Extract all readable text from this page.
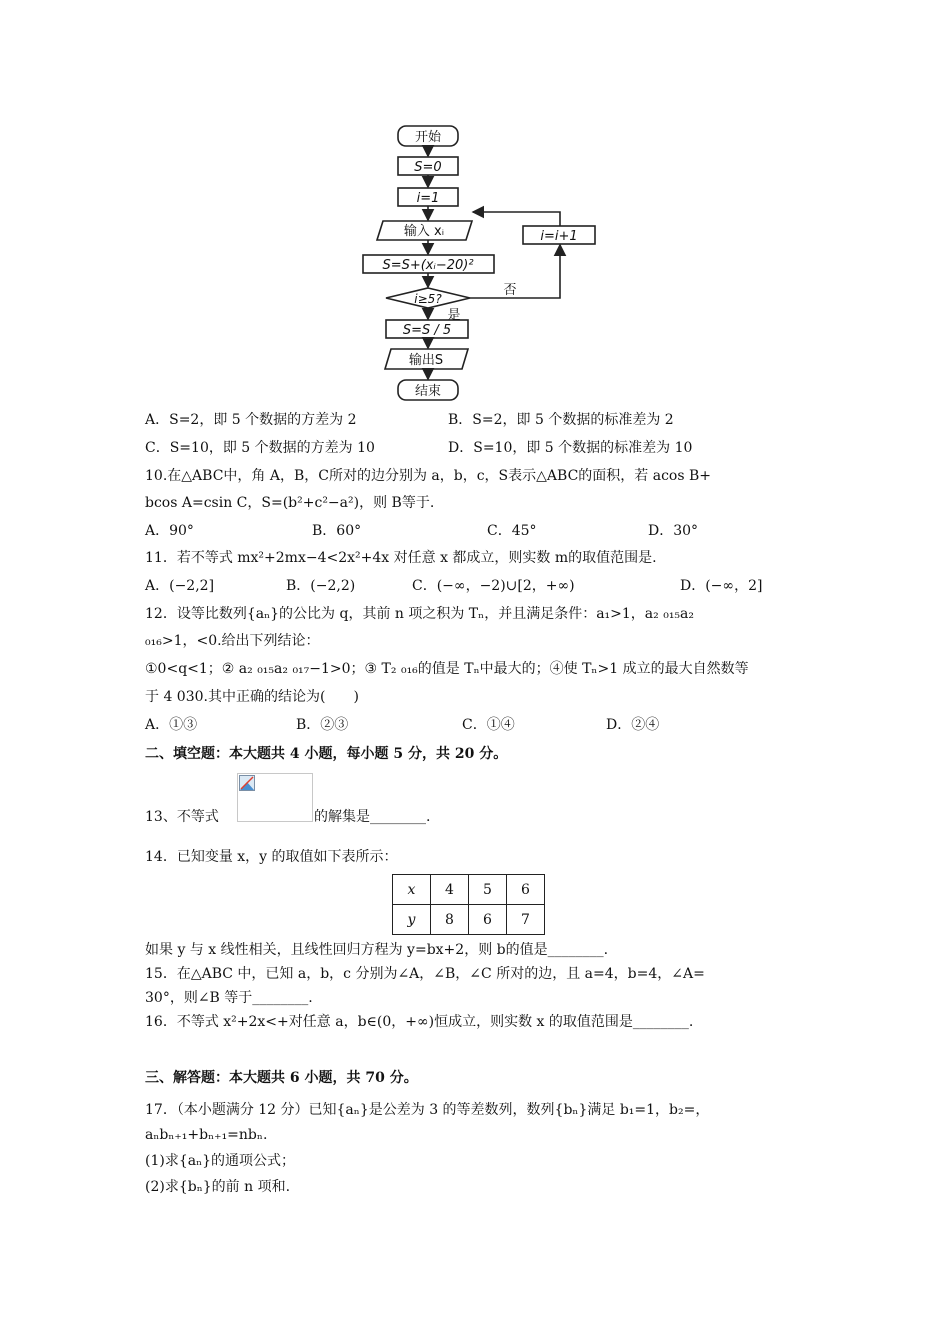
开始
S=0
i=1
输入 xᵢ
S=S+(xᵢ−20)²
i≥5?
否
是
i=i+1
S=S / 5
输出S
结束
A．S=2，即 5 个数据的方差为 2	B．S=2，即 5 个数据的标准差为 2
C．S=10，即 5 个数据的方差为 10	D．S=10，即 5 个数据的标准差为 10
10.在△ABC中，角 A，B，C所对的边分别为 a，b，c，S表示△ABC的面积，若 acos B+
bcos A=csin C，S=(b²+c²−a²)，则 B等于.
A．90°	B．60°	C．45°	D．30°
11．若不等式 mx²+2mx−4<2x²+4x 对任意 x 都成立，则实数 m的取值范围是.
A．(−2,2]	B．(−2,2)	C．(−∞，−2)∪[2，+∞)	D．(−∞，2]
12．设等比数列{aₙ}的公比为 q，其前 n 项之积为 Tₙ，并且满足条件：a₁>1，a₂ ₀₁₅a₂
₀₁₆>1，<0.给出下列结论：
①0<q<1；② a₂ ₀₁₅a₂ ₀₁₇−1>0；③ T₂ ₀₁₆的值是 Tₙ中最大的；④使 Tₙ>1 成立的最大自然数等
于 4 030.其中正确的结论为(　　)
A．①③	B．②③	C．①④	D．②④
二、填空题：本大题共 4 小题，每小题 5 分，共 20 分。
13、不等式	的解集是________.
14．已知变量 x，y 的取值如下表所示：
x	4	5	6
y	8	6	7
如果 y 与 x 线性相关，且线性回归方程为 y=bx+2，则 b的值是________.
15．在△ABC 中，已知 a，b，c 分别为∠A，∠B，∠C 所对的边，且 a=4，b=4，∠A=
30°，则∠B 等于________.
16．不等式 x²+2x<+对任意 a，b∈(0，+∞)恒成立，则实数 x 的取值范围是________.
三、解答题：本大题共 6 小题，共 70 分。
17．（本小题满分 12 分）已知{aₙ}是公差为 3 的等差数列，数列{bₙ}满足 b₁=1，b₂=，
aₙbₙ₊₁+bₙ₊₁=nbₙ.
(1)求{aₙ}的通项公式；
(2)求{bₙ}的前 n 项和.
